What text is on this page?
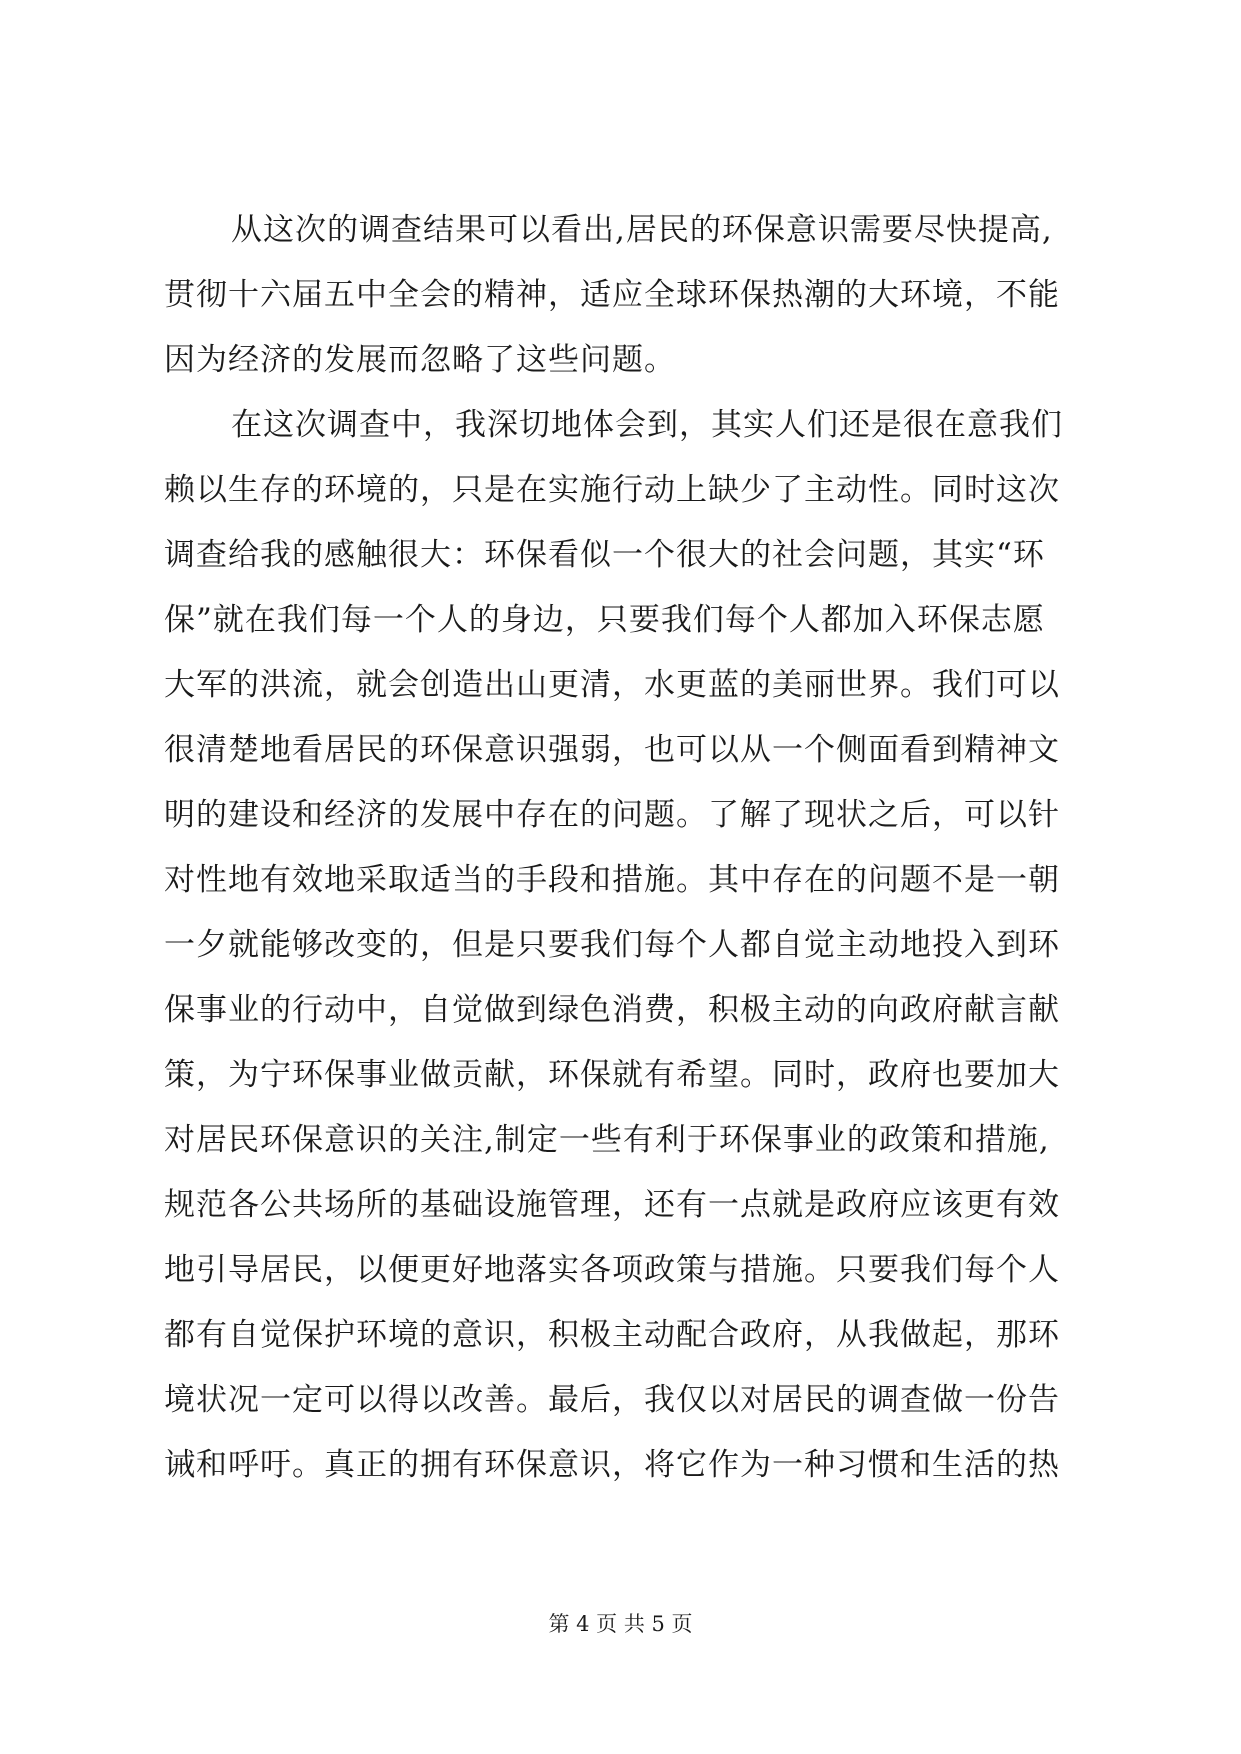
从这次的调查结果可以看出,居民的环保意识需要尽快提高,
贯彻十六届五中全会的精神，适应全球环保热潮的大环境，不能
因为经济的发展而忽略了这些问题。
在这次调查中，我深切地体会到，其实人们还是很在意我们
赖以生存的环境的，只是在实施行动上缺少了主动性。同时这次
调查给我的感触很大：环保看似一个很大的社会问题，其实“环
保”就在我们每一个人的身边，只要我们每个人都加入环保志愿
大军的洪流，就会创造出山更清，水更蓝的美丽世界。我们可以
很清楚地看居民的环保意识强弱，也可以从一个侧面看到精神文
明的建设和经济的发展中存在的问题。了解了现状之后，可以针
对性地有效地采取适当的手段和措施。其中存在的问题不是一朝
一夕就能够改变的，但是只要我们每个人都自觉主动地投入到环
保事业的行动中，自觉做到绿色消费，积极主动的向政府献言献
策，为宁环保事业做贡献，环保就有希望。同时，政府也要加大
对居民环保意识的关注,制定一些有利于环保事业的政策和措施,
规范各公共场所的基础设施管理，还有一点就是政府应该更有效
地引导居民，以便更好地落实各项政策与措施。只要我们每个人
都有自觉保护环境的意识，积极主动配合政府，从我做起，那环
境状况一定可以得以改善。最后，我仅以对居民的调查做一份告
诫和呼吁。真正的拥有环保意识，将它作为一种习惯和生活的热
第 4 页 共 5 页
